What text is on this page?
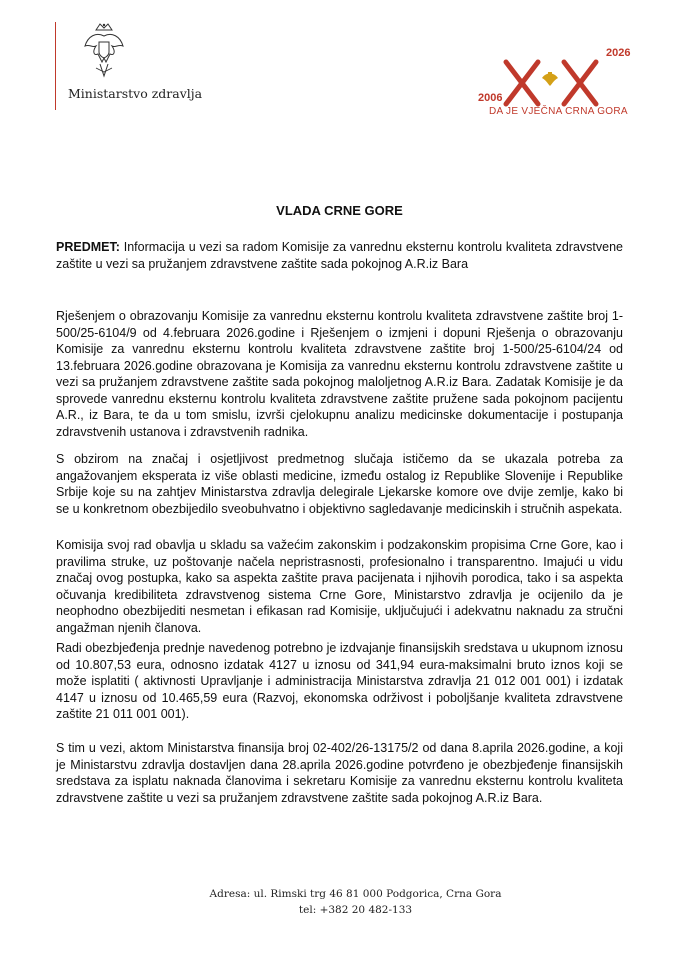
Ministarstvo zdravlja	2006
2026
DA JE VJEČNA CRNA GORA
VLADA CRNE GORE
PREDMET: Informacija u vezi sa radom Komisije za vanrednu eksternu kontrolu kvaliteta zdravstvene zaštite u vezi sa pružanjem zdravstvene zaštite sada pokojnog A.R.iz Bara

Rješenjem o obrazovanju Komisije za vanrednu eksternu kontrolu kvaliteta zdravstvene zaštite broj 1-500/25-6104/9 od 4.februara 2026.godine i Rješenjem o izmjeni i dopuni Rješenja o obrazovanju Komisije za vanrednu eksternu kontrolu kvaliteta zdravstvene zaštite broj 1-500/25-6104/24 od 13.februara 2026.godine obrazovana je Komisija za vanrednu eksternu kontrolu zdravstvene zaštite u vezi sa pružanjem zdravstvene zaštite sada pokojnog maloljetnog A.R.iz Bara. Zadatak Komisije je da sprovede vanrednu eksternu kontrolu kvaliteta zdravstvene zaštite pružene sada pokojnom pacijentu A.R., iz Bara, te da u tom smislu, izvrši cjelokupnu analizu medicinske dokumentacije i postupanja zdravstvenih ustanova i zdravstvenih radnika.

S obzirom na značaj i osjetljivost predmetnog slučaja ističemo da se ukazala potreba za angažovanjem eksperata iz više oblasti medicine, između ostalog iz Republike Slovenije i Republike Srbije koje su na zahtjev Ministarstva zdravlja delegirale Ljekarske komore ove dvije zemlje, kako bi se u konkretnom obezbijedilo sveobuhvatno i objektivno sagledavanje medicinskih i stručnih aspekata.

Komisija svoj rad obavlja u skladu sa važećim zakonskim i podzakonskim propisima Crne Gore, kao i pravilima struke, uz poštovanje načela nepristrasnosti, profesionalno i transparentno. Imajući u vidu značaj ovog postupka, kako sa aspekta zaštite prava pacijenata i njihovih porodica, tako i sa aspekta očuvanja kredibiliteta zdravstvenog sistema Crne Gore, Ministarstvo zdravlja je ocijenilo da je neophodno obezbijediti nesmetan i efikasan rad Komisije, uključujući i adekvatnu naknadu za stručni angažman njenih članova.

Radi obezbjeđenja prednje navedenog potrebno je izdvajanje finansijskih sredstava u ukupnom iznosu od 10.807,53 eura, odnosno izdatak 4127 u iznosu od 341,94 eura-maksimalni bruto iznos koji se može isplatiti ( aktivnosti Upravljanje i administracija Ministarstva zdravlja 21 012 001 001) i izdatak 4147 u iznosu od 10.465,59 eura (Razvoj, ekonomska održivost i poboljšanje kvaliteta zdravstvene zaštite 21 011 001 001).

S tim u vezi, aktom Ministarstva finansija broj 02-402/26-13175/2 od dana 8.aprila 2026.godine, a koji je Ministarstvu zdravlja dostavljen dana 28.aprila 2026.godine potvrđeno je obezbjeđenje finansijskih sredstava za isplatu naknada članovima i sekretaru Komisije za vanrednu eksternu kontrolu kvaliteta zdravstvene zaštite u vezi sa pružanjem zdravstvene zaštite sada pokojnog A.R.iz Bara.

Adresa: ul. Rimski trg 46 81 000 Podgorica, Crna Gora
tel: +382 20 482-133
